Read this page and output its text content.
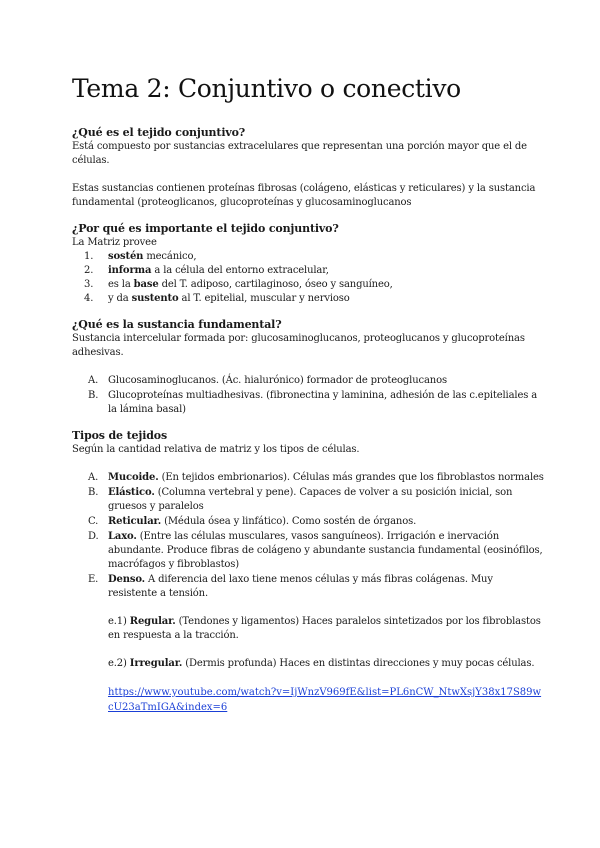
Tema 2: Conjuntivo o conectivo

¿Qué es el tejido conjuntivo?

Está compuesto por sustancias extracelulares que representan una porción mayor que el de células.

Estas sustancias contienen proteínas fibrosas (colágeno, elásticas y reticulares) y la sustancia fundamental (proteoglicanos, glucoproteínas y glucosaminoglucanos

¿Por qué es importante el tejido conjuntivo?

La Matriz provee

1. sostén mecánico,
2. informa a la célula del entorno extracelular,
3. es la base del T. adiposo, cartilaginoso, óseo y sanguíneo,
4. y da sustento al T. epitelial, muscular y nervioso

¿Qué es la sustancia fundamental?

Sustancia intercelular formada por: glucosaminoglucanos, proteoglucanos y glucoproteínas adhesivas.

A. Glucosaminoglucanos. (Ác. hialurónico) formador de proteoglucanos
B. Glucoproteínas multiadhesivas. (fibronectina y laminina, adhesión de las c.epiteliales a la lámina basal)

Tipos de tejidos

Según la cantidad relativa de matriz y los tipos de células.

A. Mucoide. (En tejidos embrionarios). Células más grandes que los fibroblastos normales
B. Elástico. (Columna vertebral y pene). Capaces de volver a su posición inicial, son gruesos y paralelos
C. Reticular. (Médula ósea y linfático). Como sostén de órganos.
D. Laxo. (Entre las células musculares, vasos sanguíneos). Irrigación e inervación abundante. Produce fibras de colágeno y abundante sustancia fundamental (eosinófilos, macrófagos y fibroblastos)
E. Denso. A diferencia del laxo tiene menos células y más fibras colágenas. Muy resistente a tensión.

e.1) Regular. (Tendones y ligamentos) Haces paralelos sintetizados por los fibroblastos en respuesta a la tracción.

e.2) Irregular. (Dermis profunda) Haces en distintas direcciones y muy pocas células.

https://www.youtube.com/watch?v=IjWnzV969fE&list=PL6nCW_NtwXsjY38x17S89wcU23aTmIGA&index=6
